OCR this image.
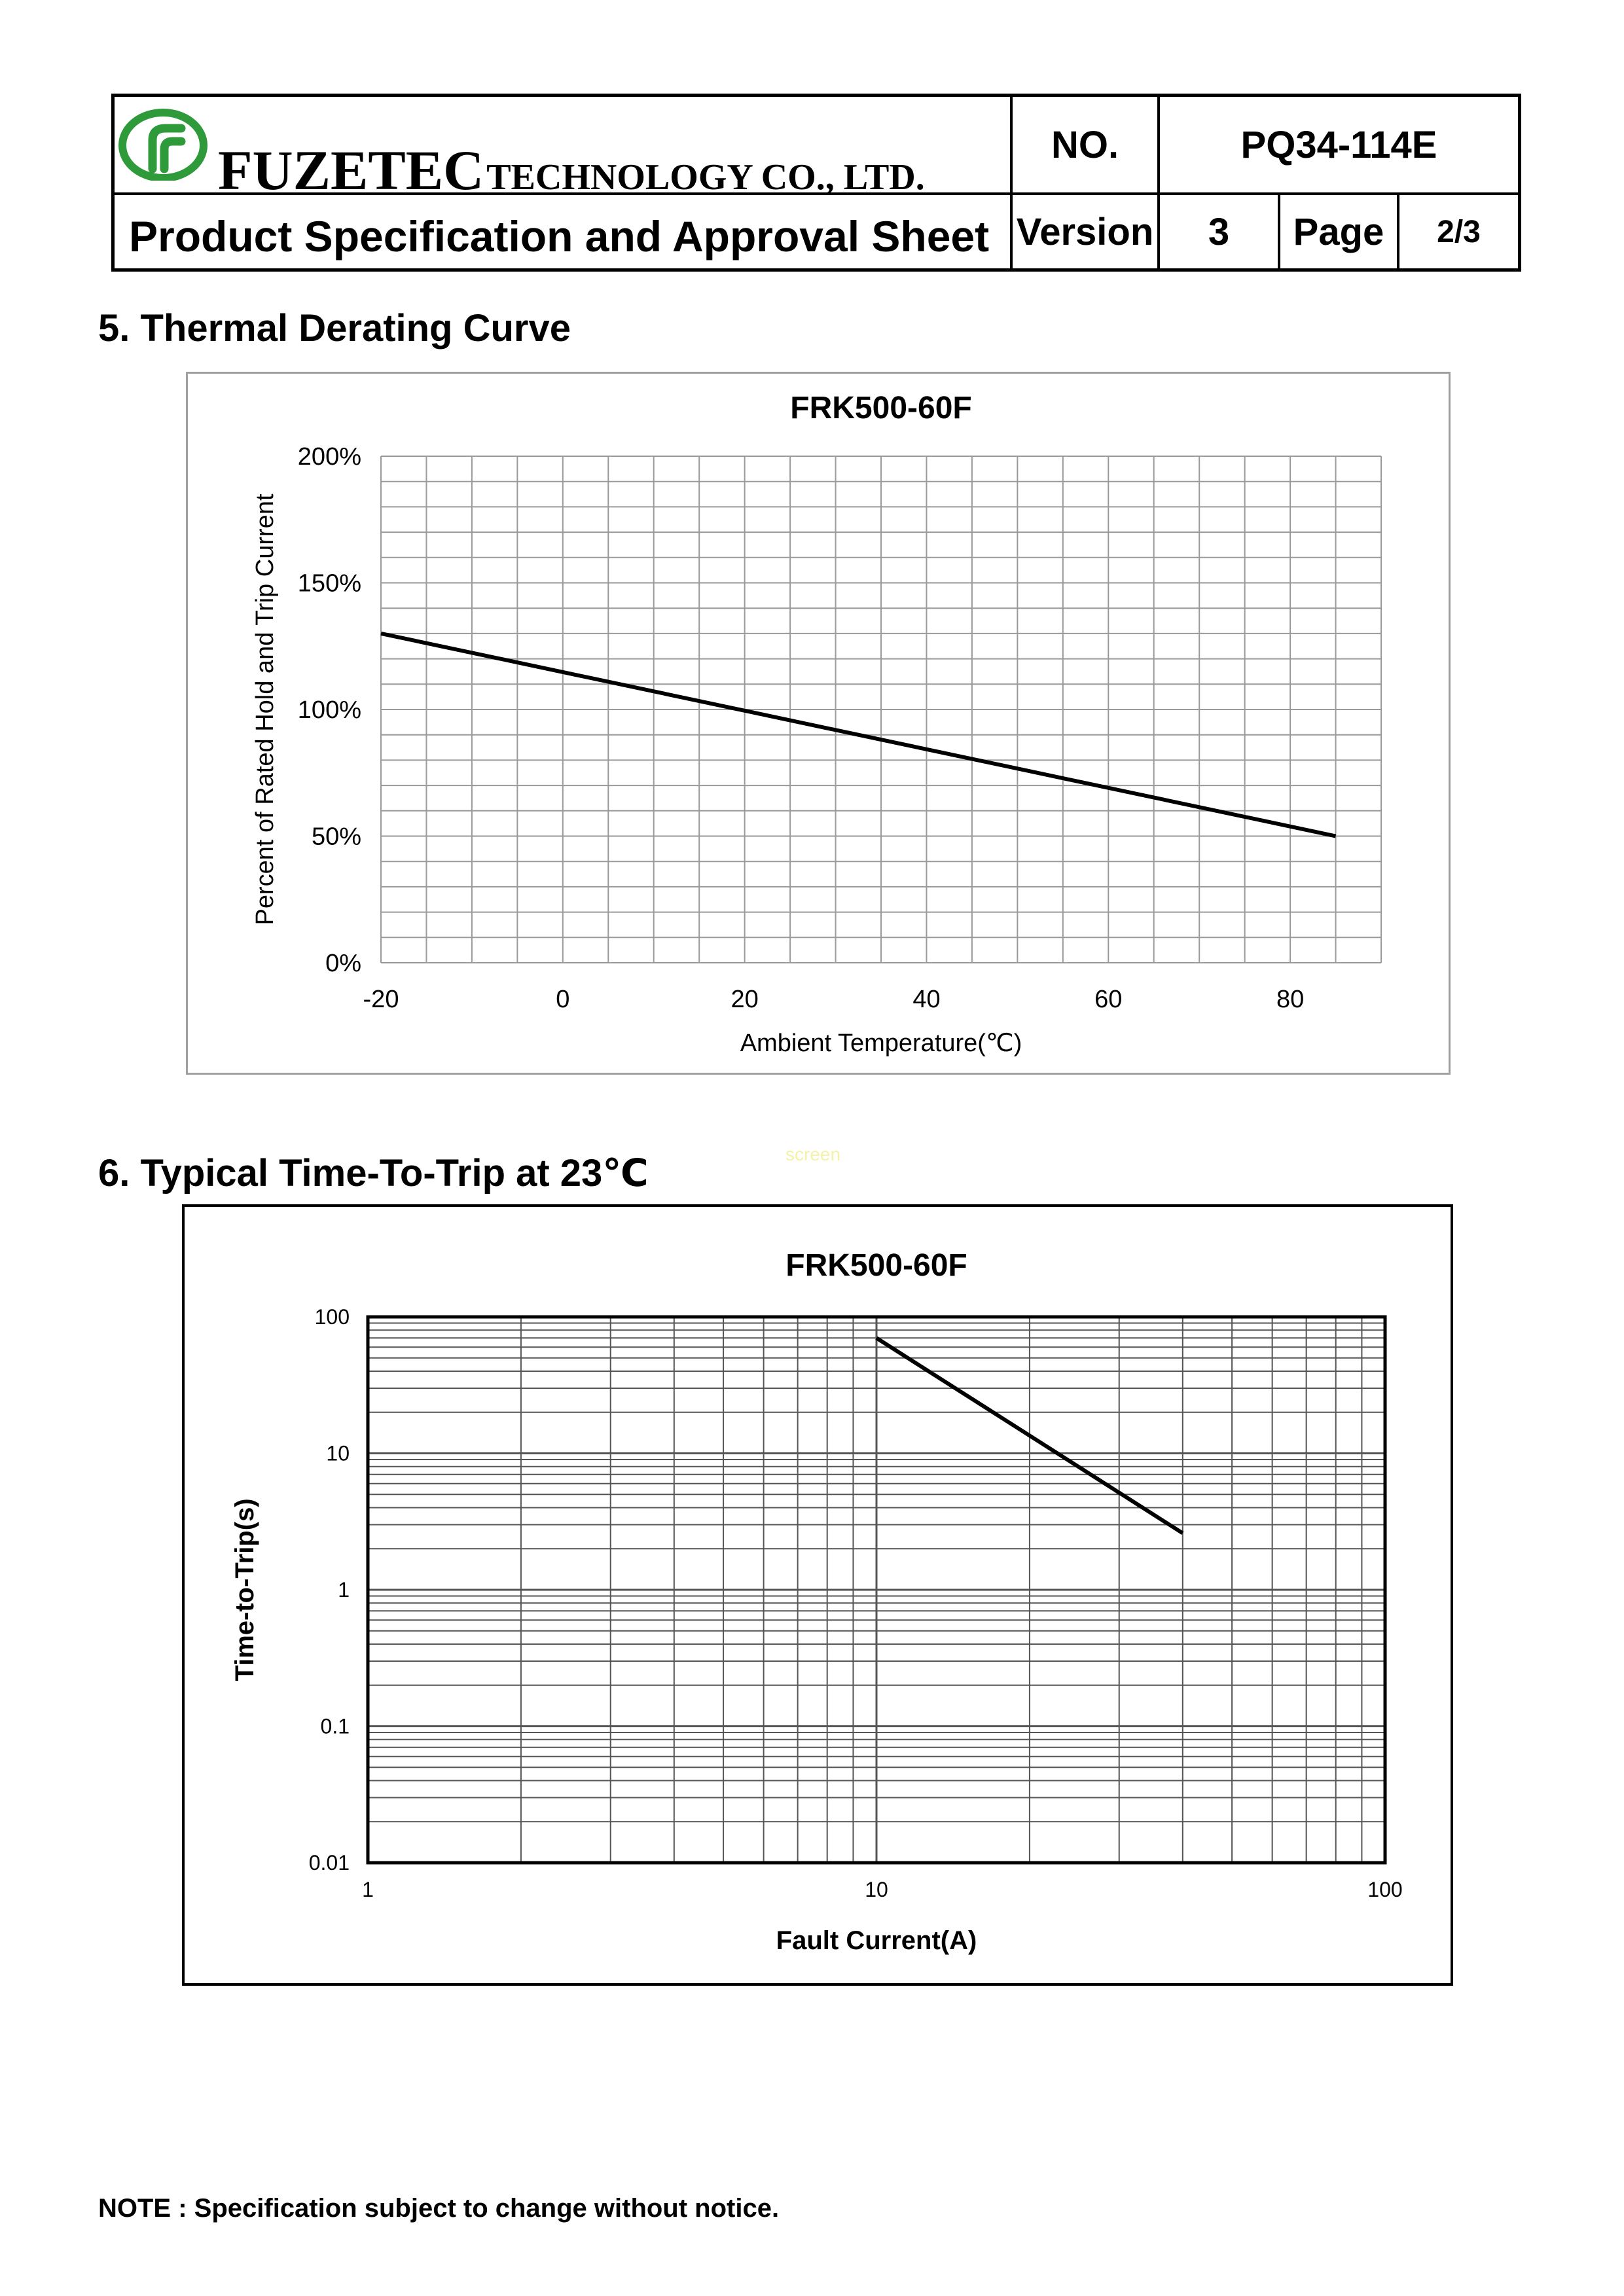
FUZETEC TECHNOLOGY CO., LTD.
Product Specification and Approval Sheet
NO.	PQ34-114E
Version 3 Page 2/3
5. Thermal Derating Curve
FRK500-60F
-20	0	20	40	60	80
0%
50%
100%
150%
200%
Ambient Temperature(℃)
Percent of Rated Hold and Trip Current
screen
6. Typical Time-To-Trip at 23℃
FRK500-60F
1	10	100
0.01
0.1
1
10
100
Fault Current(A)
Time-to-Trip(s)
NOTE : Specification subject to change without notice.
